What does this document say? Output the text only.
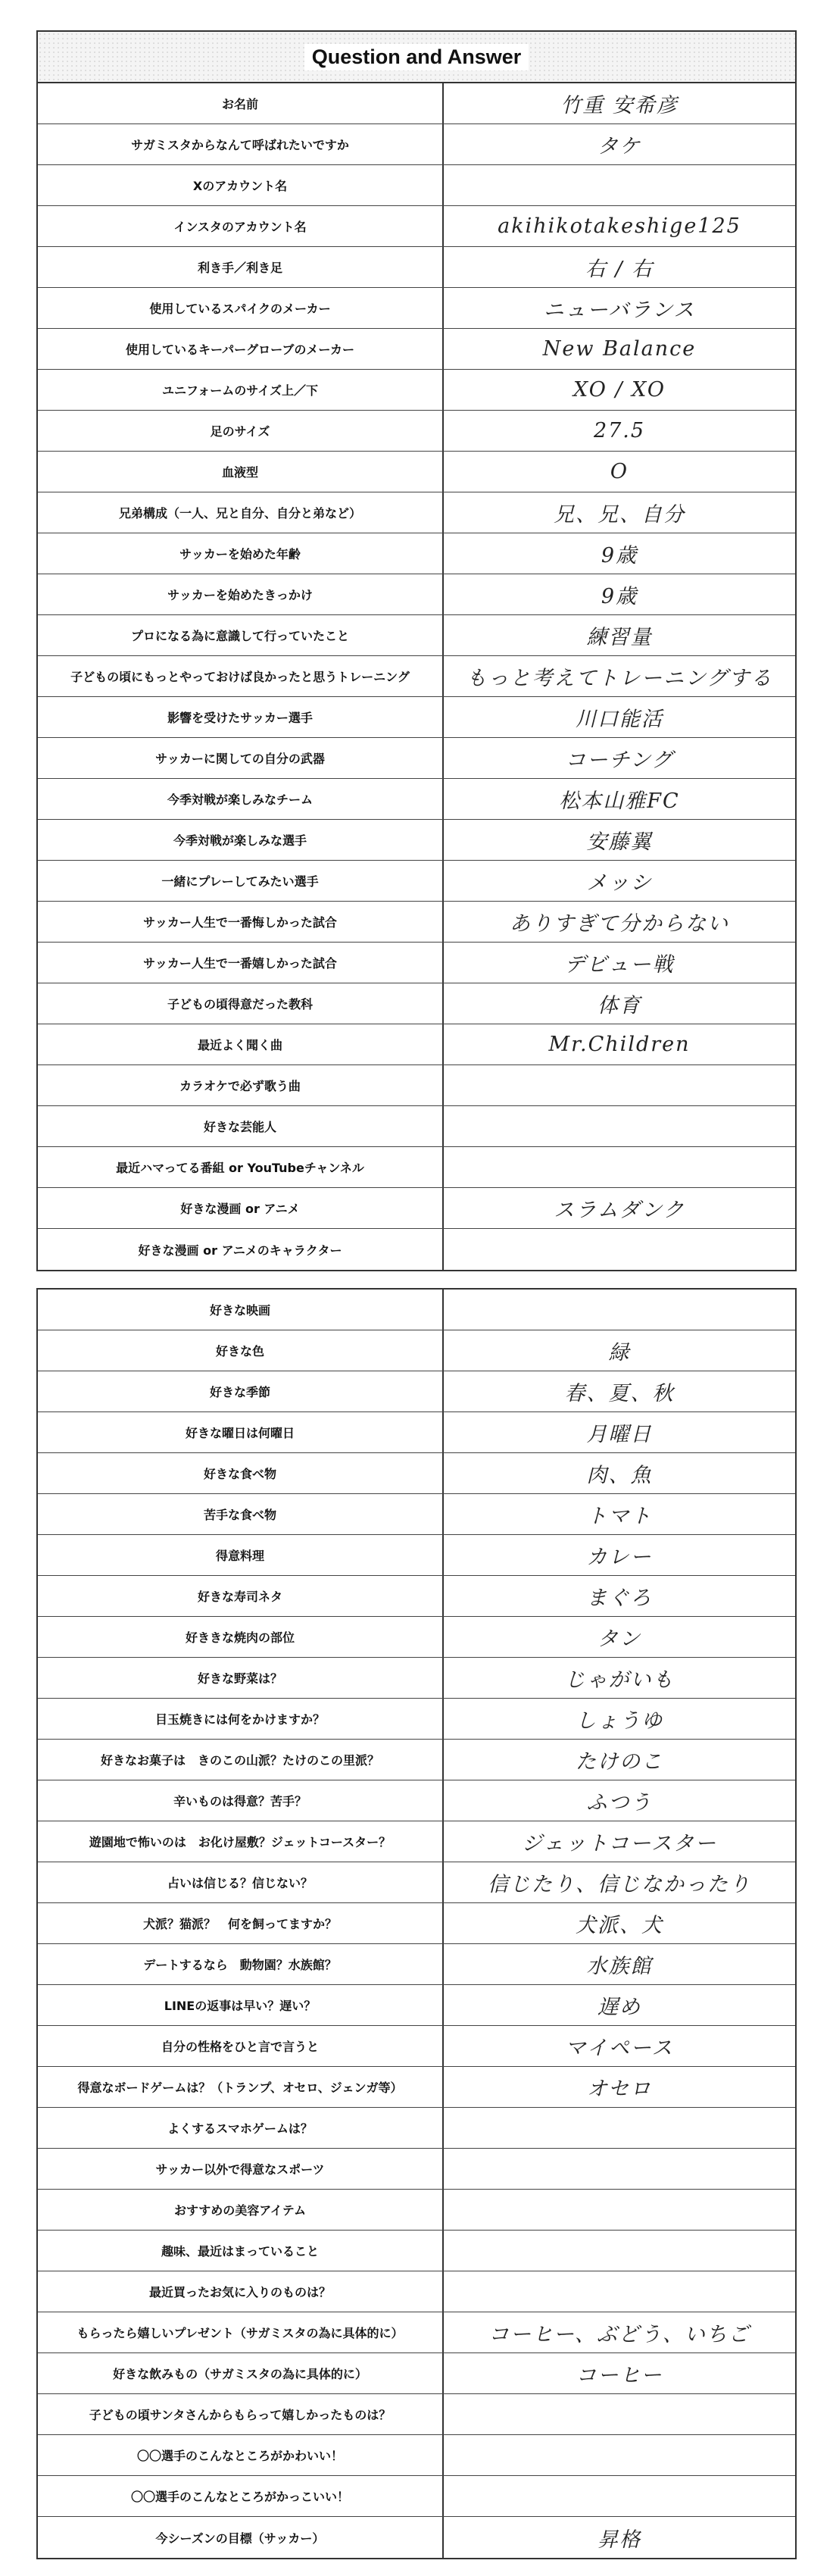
Question and Answer
お名前	竹重 安希彦
サガミスタからなんて呼ばれたいですか	タケ
Xのアカウント名
インスタのアカウント名	akihikotakeshige125
利き手／利き足	右 / 右
使用しているスパイクのメーカー	ニューバランス
使用しているキーパーグローブのメーカー	New Balance
ユニフォームのサイズ上／下	XO / XO
足のサイズ	27.5
血液型	O
兄弟構成（一人、兄と自分、自分と弟など）	兄、兄、自分
サッカーを始めた年齢	9歳
サッカーを始めたきっかけ	9歳
プロになる為に意識して行っていたこと	練習量
子どもの頃にもっとやっておけば良かったと思うトレーニング	もっと考えてトレーニングする
影響を受けたサッカー選手	川口能活
サッカーに関しての自分の武器	コーチング
今季対戦が楽しみなチーム	松本山雅FC
今季対戦が楽しみな選手	安藤翼
一緒にプレーしてみたい選手	メッシ
サッカー人生で一番悔しかった試合	ありすぎて分からない
サッカー人生で一番嬉しかった試合	デビュー戦
子どもの頃得意だった教科	体育
最近よく聞く曲	Mr.Children
カラオケで必ず歌う曲
好きな芸能人
最近ハマってる番組 or YouTubeチャンネル
好きな漫画 or アニメ	スラムダンク
好きな漫画 or アニメのキャラクター
好きな映画
好きな色	緑
好きな季節	春、夏、秋
好きな曜日は何曜日	月曜日
好きな食べ物	肉、魚
苦手な食べ物	トマト
得意料理	カレー
好きな寿司ネタ	まぐろ
好ききな焼肉の部位	タン
好きな野菜は？	じゃがいも
目玉焼きには何をかけますか？	しょうゆ
好きなお菓子は　きのこの山派？たけのこの里派？	たけのこ
辛いものは得意？苦手？	ふつう
遊園地で怖いのは　お化け屋敷？ジェットコースター？	ジェットコースター
占いは信じる？信じない？	信じたり、信じなかったり
犬派？猫派？　何を飼ってますか？	犬派、犬
デートするなら　動物園？水族館？	水族館
LINEの返事は早い？遅い？	遅め
自分の性格をひと言で言うと	マイペース
得意なボードゲームは？（トランプ、オセロ、ジェンガ等）	オセロ
よくするスマホゲームは？
サッカー以外で得意なスポーツ
おすすめの美容アイテム
趣味、最近はまっていること
最近買ったお気に入りのものは？
もらったら嬉しいプレゼント（サガミスタの為に具体的に）	コーヒー、ぶどう、いちご
好きな飲みもの（サガミスタの為に具体的に）	コーヒー
子どもの頃サンタさんからもらって嬉しかったものは？
〇〇選手のこんなところがかわいい！
〇〇選手のこんなところがかっこいい！
今シーズンの目標（サッカー）	昇格
